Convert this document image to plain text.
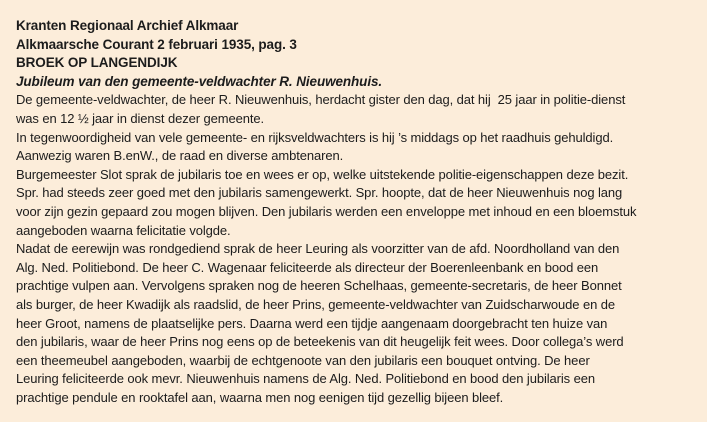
Kranten Regionaal Archief Alkmaar
Alkmaarsche Courant 2 februari 1935, pag. 3
BROEK OP LANGENDIJK
Jubileum van den gemeente-veldwachter R. Nieuwenhuis.
De gemeente-veldwachter, de heer R. Nieuwenhuis, herdacht gister den dag, dat hij  25 jaar in politie-dienst
was en 12 ½ jaar in dienst dezer gemeente.
In tegenwoordigheid van vele gemeente- en rijksveldwachters is hij ’s middags op het raadhuis gehuldigd.
Aanwezig waren B.enW., de raad en diverse ambtenaren.
Burgemeester Slot sprak de jubilaris toe en wees er op, welke uitstekende politie-eigenschappen deze bezit.
Spr. had steeds zeer goed met den jubilaris samengewerkt. Spr. hoopte, dat de heer Nieuwenhuis nog lang
voor zijn gezin gepaard zou mogen blijven. Den jubilaris werden een enveloppe met inhoud en een bloemstuk
aangeboden waarna felicitatie volgde.
Nadat de eerewijn was rondgediend sprak de heer Leuring als voorzitter van de afd. Noordholland van den
Alg. Ned. Politiebond. De heer C. Wagenaar feliciteerde als directeur der Boerenleenbank en bood een
prachtige vulpen aan. Vervolgens spraken nog de heeren Schelhaas, gemeente-secretaris, de heer Bonnet
als burger, de heer Kwadijk als raadslid, de heer Prins, gemeente-veldwachter van Zuidscharwoude en de
heer Groot, namens de plaatselijke pers. Daarna werd een tijdje aangenaam doorgebracht ten huize van
den jubilaris, waar de heer Prins nog eens op de beteekenis van dit heugelijk feit wees. Door collega’s werd
een theemeubel aangeboden, waarbij de echtgenoote van den jubilaris een bouquet ontving. De heer
Leuring feliciteerde ook mevr. Nieuwenhuis namens de Alg. Ned. Politiebond en bood den jubilaris een
prachtige pendule en rooktafel aan, waarna men nog eenigen tijd gezellig bijeen bleef.
